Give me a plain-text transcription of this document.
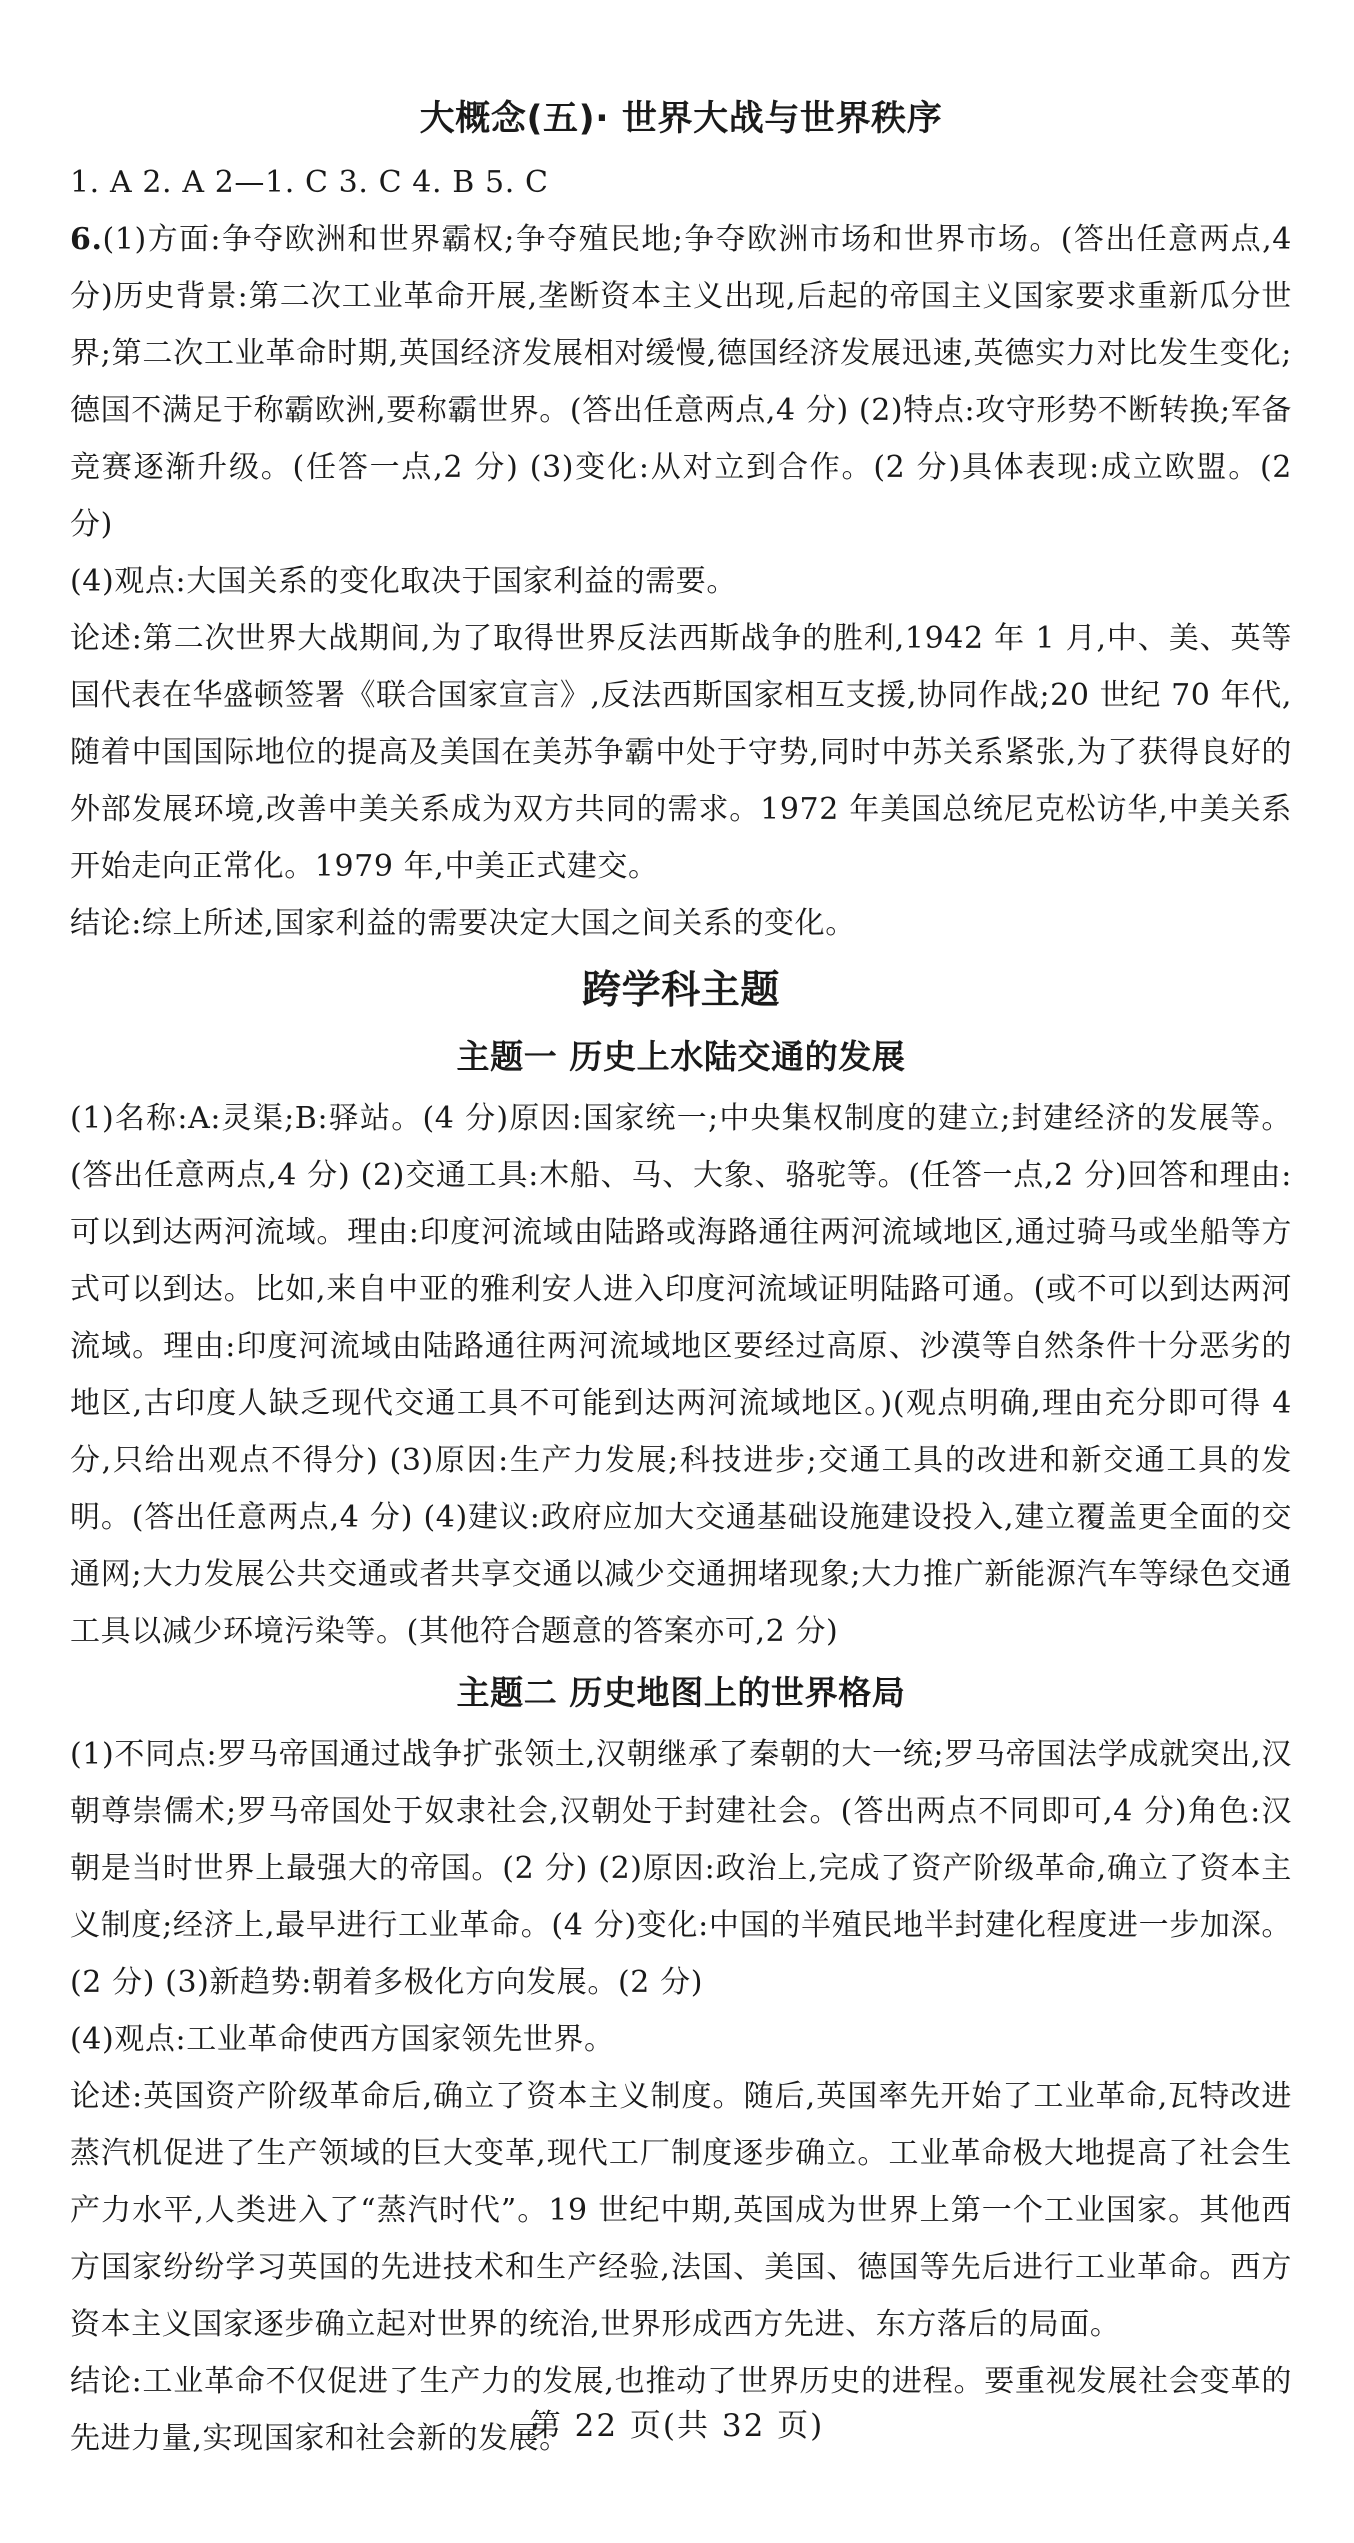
大概念(五)· 世界大战与世界秩序

1. A 2. A 2—1. C 3. C 4. B 5. C

6.(1)方面:争夺欧洲和世界霸权;争夺殖民地;争夺欧洲市场和世界市场。(答出任意两点,4 分)历史背景:第二次工业革命开展,垄断资本主义出现,后起的帝国主义国家要求重新瓜分世界;第二次工业革命时期,英国经济发展相对缓慢,德国经济发展迅速,英德实力对比发生变化;德国不满足于称霸欧洲,要称霸世界。(答出任意两点,4 分) (2)特点:攻守形势不断转换;军备竞赛逐渐升级。(任答一点,2 分) (3)变化:从对立到合作。(2 分)具体表现:成立欧盟。(2 分)

(4)观点:大国关系的变化取决于国家利益的需要。

论述:第二次世界大战期间,为了取得世界反法西斯战争的胜利,1942 年 1 月,中、美、英等国代表在华盛顿签署《联合国家宣言》,反法西斯国家相互支援,协同作战;20 世纪 70 年代,随着中国国际地位的提高及美国在美苏争霸中处于守势,同时中苏关系紧张,为了获得良好的外部发展环境,改善中美关系成为双方共同的需求。1972 年美国总统尼克松访华,中美关系开始走向正常化。1979 年,中美正式建交。

结论:综上所述,国家利益的需要决定大国之间关系的变化。

跨学科主题
主题一 历史上水陆交通的发展

(1)名称:A:灵渠;B:驿站。(4 分)原因:国家统一;中央集权制度的建立;封建经济的发展等。(答出任意两点,4 分) (2)交通工具:木船、马、大象、骆驼等。(任答一点,2 分)回答和理由:可以到达两河流域。理由:印度河流域由陆路或海路通往两河流域地区,通过骑马或坐船等方式可以到达。比如,来自中亚的雅利安人进入印度河流域证明陆路可通。(或不可以到达两河流域。理由:印度河流域由陆路通往两河流域地区要经过高原、沙漠等自然条件十分恶劣的地区,古印度人缺乏现代交通工具不可能到达两河流域地区。)(观点明确,理由充分即可得 4 分,只给出观点不得分) (3)原因:生产力发展;科技进步;交通工具的改进和新交通工具的发明。(答出任意两点,4 分) (4)建议:政府应加大交通基础设施建设投入,建立覆盖更全面的交通网;大力发展公共交通或者共享交通以减少交通拥堵现象;大力推广新能源汽车等绿色交通工具以减少环境污染等。(其他符合题意的答案亦可,2 分)

主题二 历史地图上的世界格局

(1)不同点:罗马帝国通过战争扩张领土,汉朝继承了秦朝的大一统;罗马帝国法学成就突出,汉朝尊崇儒术;罗马帝国处于奴隶社会,汉朝处于封建社会。(答出两点不同即可,4 分)角色:汉朝是当时世界上最强大的帝国。(2 分) (2)原因:政治上,完成了资产阶级革命,确立了资本主义制度;经济上,最早进行工业革命。(4 分)变化:中国的半殖民地半封建化程度进一步加深。(2 分) (3)新趋势:朝着多极化方向发展。(2 分)

(4)观点:工业革命使西方国家领先世界。

论述:英国资产阶级革命后,确立了资本主义制度。随后,英国率先开始了工业革命,瓦特改进蒸汽机促进了生产领域的巨大变革,现代工厂制度逐步确立。工业革命极大地提高了社会生产力水平,人类进入了“蒸汽时代”。19 世纪中期,英国成为世界上第一个工业国家。其他西方国家纷纷学习英国的先进技术和生产经验,法国、美国、德国等先后进行工业革命。西方资本主义国家逐步确立起对世界的统治,世界形成西方先进、东方落后的局面。

结论:工业革命不仅促进了生产力的发展,也推动了世界历史的进程。要重视发展社会变革的先进力量,实现国家和社会新的发展。

第 22 页(共 32 页)
